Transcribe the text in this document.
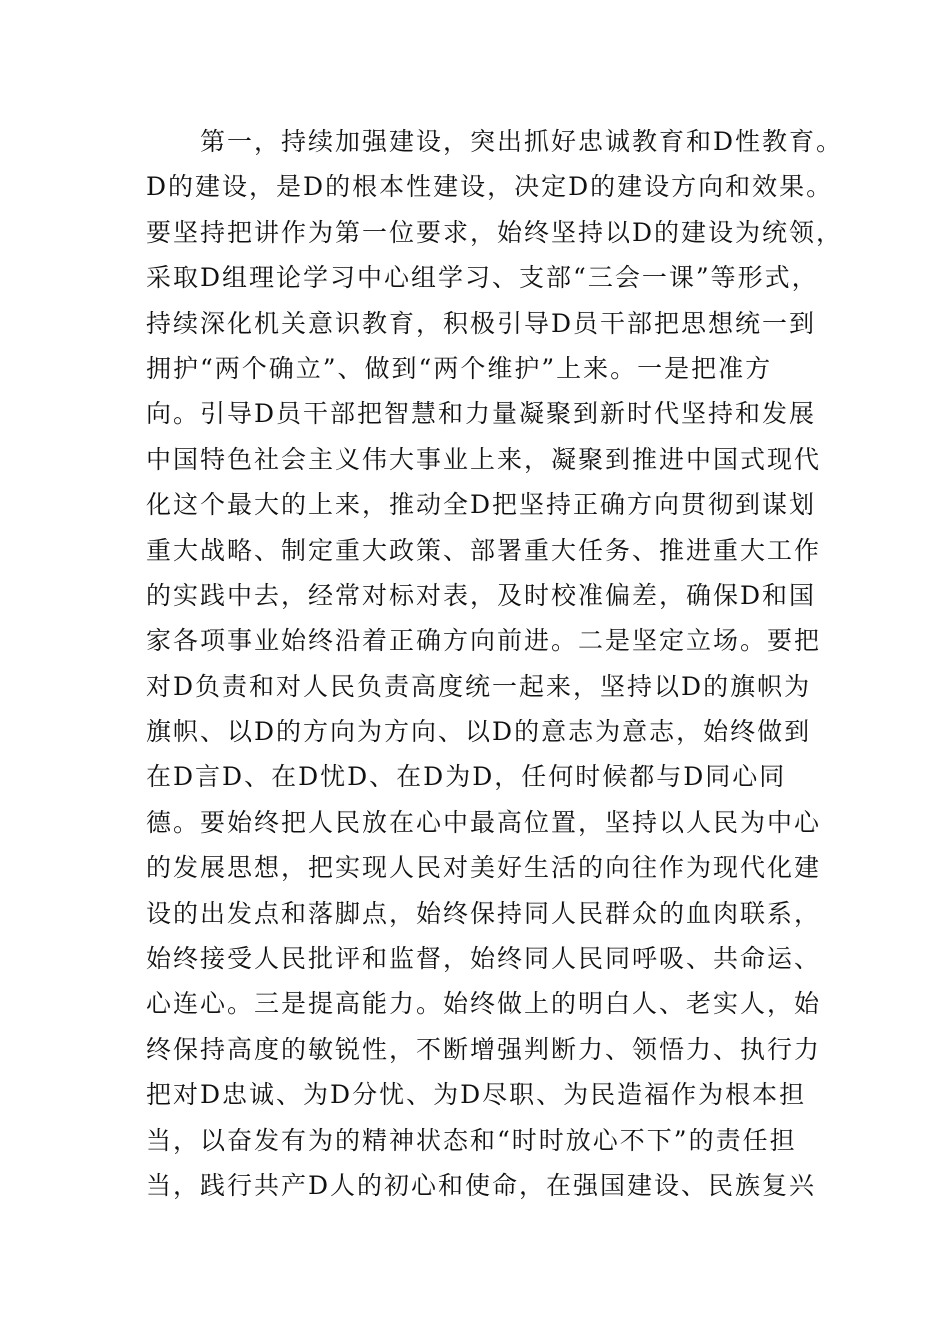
　　第一，持续加强建设，突出抓好忠诚教育和D性教育。
D的建设，是D的根本性建设，决定D的建设方向和效果。
要坚持把讲作为第一位要求，始终坚持以D的建设为统领，
采取D组理论学习中心组学习、支部“三会一课”等形式，
持续深化机关意识教育，积极引导D员干部把思想统一到
拥护“两个确立”、做到“两个维护”上来。一是把准方
向。引导D员干部把智慧和力量凝聚到新时代坚持和发展
中国特色社会主义伟大事业上来，凝聚到推进中国式现代
化这个最大的上来，推动全D把坚持正确方向贯彻到谋划
重大战略、制定重大政策、部署重大任务、推进重大工作
的实践中去，经常对标对表，及时校准偏差，确保D和国
家各项事业始终沿着正确方向前进。二是坚定立场。要把
对D负责和对人民负责高度统一起来，坚持以D的旗帜为
旗帜、以D的方向为方向、以D的意志为意志，始终做到
在D言D、在D忧D、在D为D，任何时候都与D同心同
德。要始终把人民放在心中最高位置，坚持以人民为中心
的发展思想，把实现人民对美好生活的向往作为现代化建
设的出发点和落脚点，始终保持同人民群众的血肉联系，
始终接受人民批评和监督，始终同人民同呼吸、共命运、
心连心。三是提高能力。始终做上的明白人、老实人，始
终保持高度的敏锐性，不断增强判断力、领悟力、执行力
把对D忠诚、为D分忧、为D尽职、为民造福作为根本担
当，以奋发有为的精神状态和“时时放心不下”的责任担
当，践行共产D人的初心和使命，在强国建设、民族复兴
